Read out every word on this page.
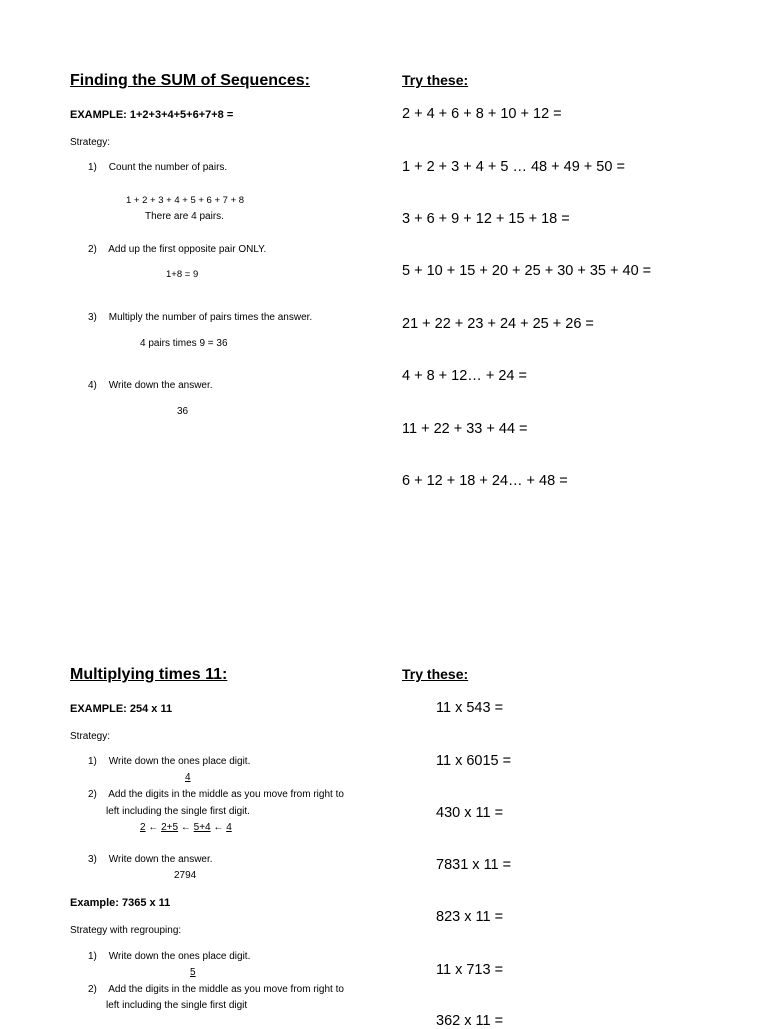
Finding the SUM of Sequences:
EXAMPLE: 1+2+3+4+5+6+7+8 =
Strategy:
1) Count the number of pairs.
1 + 2 + 3 + 4 + 5 + 6 + 7 + 8
There are 4 pairs.
2) Add up the first opposite pair ONLY.
1+8 = 9
3) Multiply the number of pairs times the answer.
4 pairs times 9 = 36
4) Write down the answer.
36
Try these:
2 + 4 + 6 + 8 + 10 + 12 =
1 + 2 + 3 + 4 + 5 … 48 + 49 + 50 =
3 + 6 + 9 + 12 + 15 + 18 =
5 + 10 + 15 + 20 + 25 + 30 + 35 + 40 =
21 + 22 + 23 + 24 + 25 + 26 =
4 + 8 + 12… + 24 =
11 + 22 + 33 + 44 =
6 + 12 + 18 + 24… + 48 =
Multiplying times 11:
EXAMPLE: 254 x 11
Strategy:
1) Write down the ones place digit.
4
2) Add the digits in the middle as you move from right to
left including the single first digit.
2 ← 2+5 ← 5+4 ← 4
3) Write down the answer.
2794
Example: 7365 x 11
Strategy with regrouping:
1) Write down the ones place digit.
5
2) Add the digits in the middle as you move from right to
left including the single first digit
Try these:
11 x 543 =
11 x 6015 =
430 x 11 =
7831 x 11 =
823 x 11 =
11 x 713 =
362 x 11 =
